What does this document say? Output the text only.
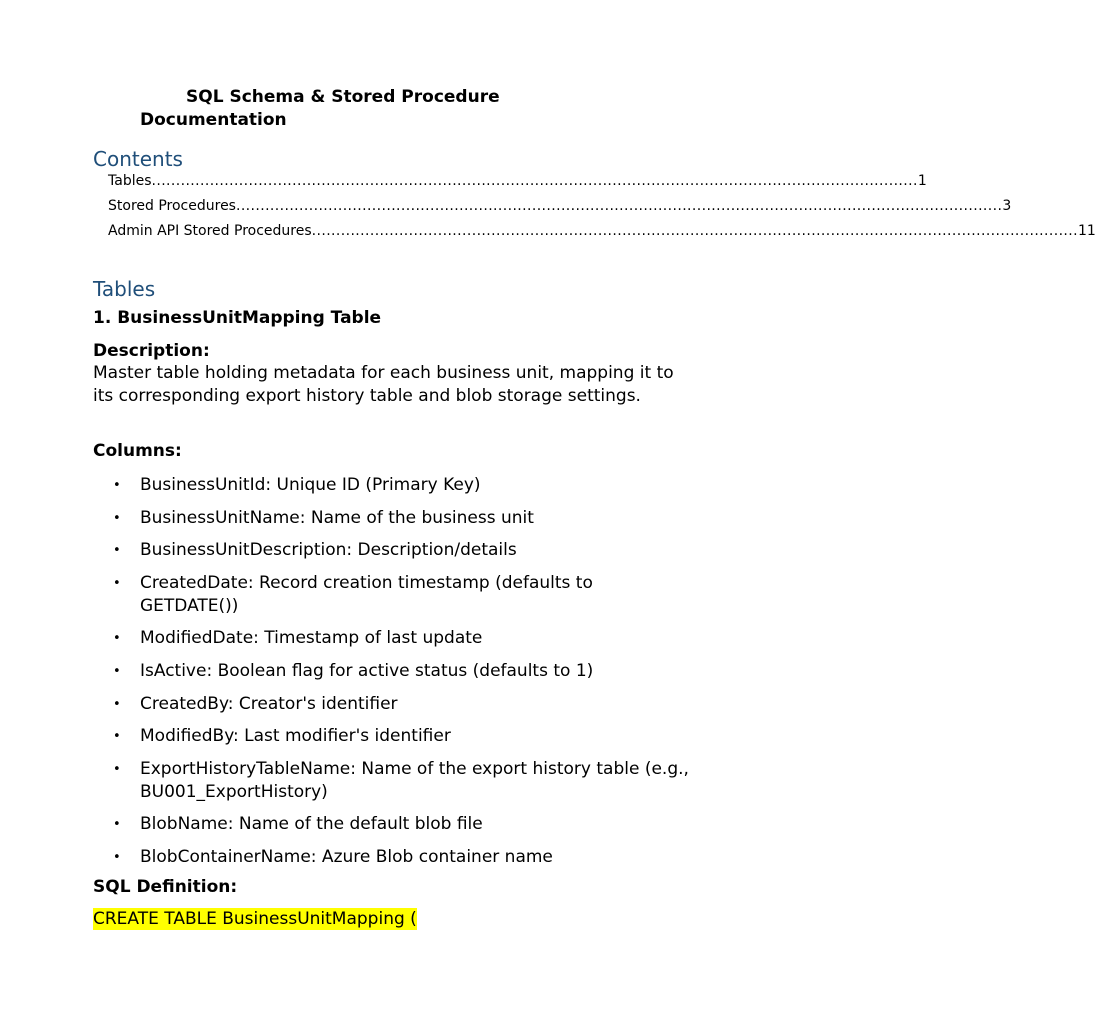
SQL Schema & Stored Procedure Documentation
Contents
Tables .............................................................................................................................................................. 1
Stored Procedures .............................................................................................................................................................. 3
Admin API Stored Procedures .............................................................................................................................................................. 11
Tables
1. BusinessUnitMapping Table
Description:
Master table holding metadata for each business unit, mapping it to its corresponding export history table and blob storage settings.
Columns:
• BusinessUnitId: Unique ID (Primary Key)
• BusinessUnitName: Name of the business unit
• BusinessUnitDescription: Description/details
• CreatedDate: Record creation timestamp (defaults to GETDATE())
• ModifiedDate: Timestamp of last update
• IsActive: Boolean flag for active status (defaults to 1)
• CreatedBy: Creator's identifier
• ModifiedBy: Last modifier's identifier
• ExportHistoryTableName: Name of the export history table (e.g., BU001_ExportHistory)
• BlobName: Name of the default blob file
• BlobContainerName: Azure Blob container name
SQL Definition:
CREATE TABLE BusinessUnitMapping (
